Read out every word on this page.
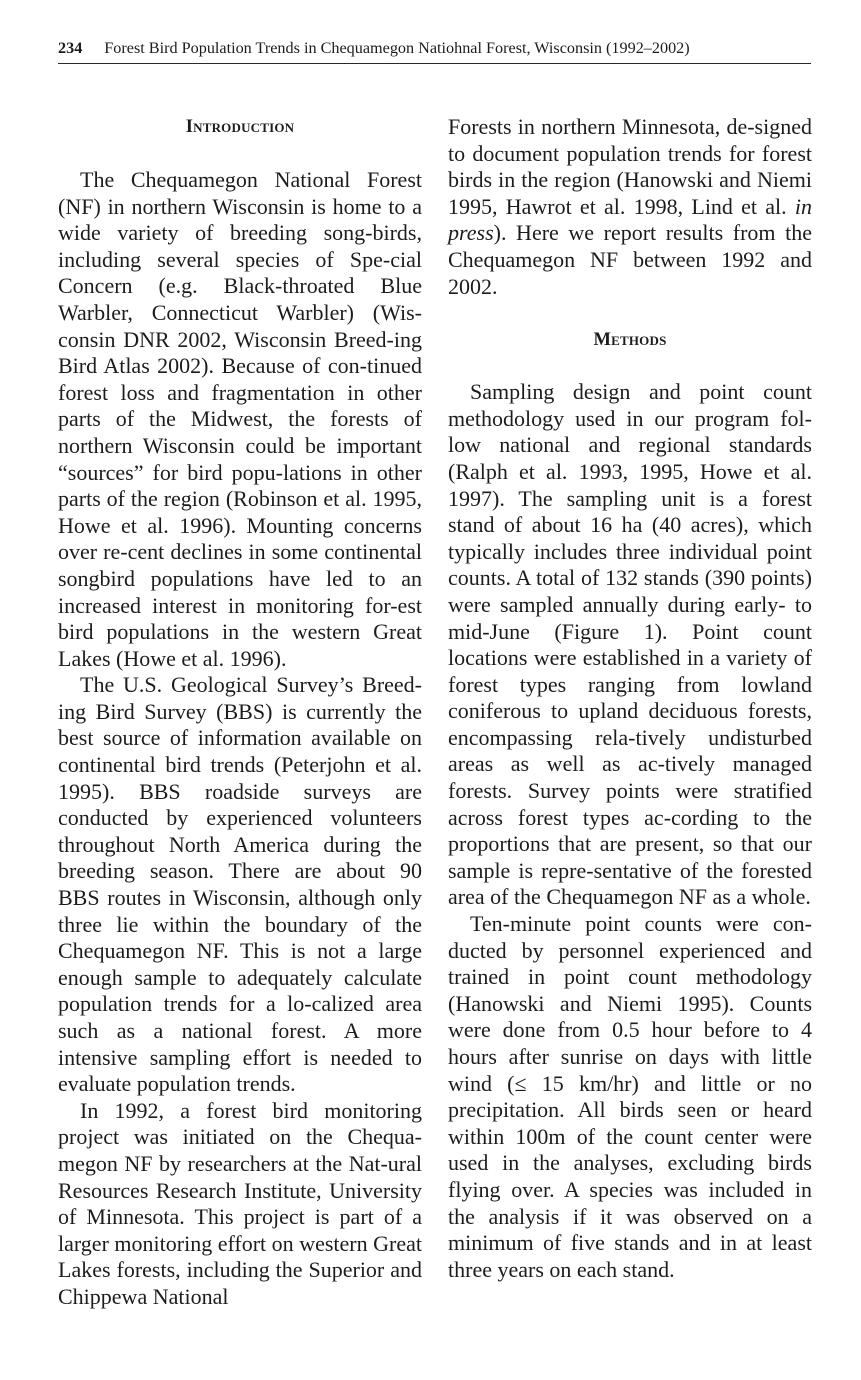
234 Forest Bird Population Trends in Chequamegon Natiohnal Forest, Wisconsin (1992–2002)
Introduction

The Chequamegon National Forest (NF) in northern Wisconsin is home to a wide variety of breeding song-birds, including several species of Spe-cial Concern (e.g. Black-throated Blue Warbler, Connecticut Warbler) (Wis-consin DNR 2002, Wisconsin Breed-ing Bird Atlas 2002). Because of con-tinued forest loss and fragmentation in other parts of the Midwest, the forests of northern Wisconsin could be important “sources” for bird popu-lations in other parts of the region (Robinson et al. 1995, Howe et al. 1996). Mounting concerns over re-cent declines in some continental songbird populations have led to an increased interest in monitoring for-est bird populations in the western Great Lakes (Howe et al. 1996).

The U.S. Geological Survey’s Breed-ing Bird Survey (BBS) is currently the best source of information available on continental bird trends (Peterjohn et al. 1995). BBS roadside surveys are conducted by experienced volunteers throughout North America during the breeding season. There are about 90 BBS routes in Wisconsin, although only three lie within the boundary of the Chequamegon NF. This is not a large enough sample to adequately calculate population trends for a lo-calized area such as a national forest. A more intensive sampling effort is needed to evaluate population trends.

In 1992, a forest bird monitoring project was initiated on the Chequa-megon NF by researchers at the Nat-ural Resources Research Institute, University of Minnesota. This project is part of a larger monitoring effort on western Great Lakes forests, including the Superior and Chippewa National

Forests in northern Minnesota, de-signed to document population trends for forest birds in the region (Hanowski and Niemi 1995, Hawrot et al. 1998, Lind et al. in press). Here we report results from the Chequamegon NF between 1992 and 2002.

Methods

Sampling design and point count methodology used in our program fol-low national and regional standards (Ralph et al. 1993, 1995, Howe et al. 1997). The sampling unit is a forest stand of about 16 ha (40 acres), which typically includes three individual point counts. A total of 132 stands (390 points) were sampled annually during early- to mid-June (Figure 1). Point count locations were established in a variety of forest types ranging from lowland coniferous to upland deciduous forests, encompassing rela-tively undisturbed areas as well as ac-tively managed forests. Survey points were stratified across forest types ac-cording to the proportions that are present, so that our sample is repre-sentative of the forested area of the Chequamegon NF as a whole.

Ten-minute point counts were con-ducted by personnel experienced and trained in point count methodology (Hanowski and Niemi 1995). Counts were done from 0.5 hour before to 4 hours after sunrise on days with little wind (≤ 15 km/hr) and little or no precipitation. All birds seen or heard within 100m of the count center were used in the analyses, excluding birds flying over. A species was included in the analysis if it was observed on a minimum of five stands and in at least three years on each stand.
